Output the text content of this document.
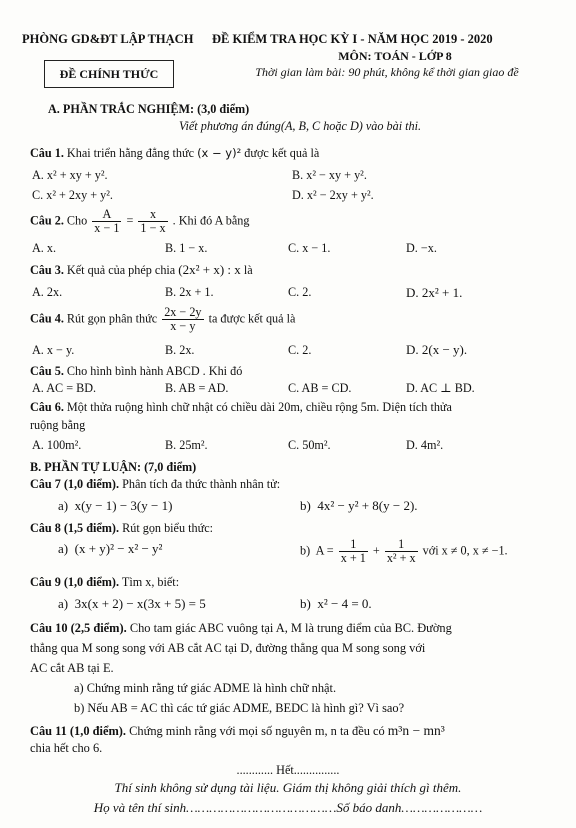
PHÒNG GD&ĐT LẬP THẠCH ĐỀ KIỂM TRA HỌC KỲ I - NĂM HỌC 2019 - 2020
MÔN: TOÁN - LỚP 8
Thời gian làm bài: 90 phút, không kể thời gian giao đề
ĐỀ CHÍNH THỨC
A. PHẦN TRẮC NGHIỆM: (3,0 điểm)
Viết phương án đúng(A, B, C hoặc D) vào bài thi.
Câu 1. Khai triển hằng đẳng thức (x − y)² được kết quả là
A. x² + xy + y².	B. x² − xy + y².
C. x² + 2xy + y².	D. x² − 2xy + y².
Câu 2. Cho $\frac{A}{x - 1} = \frac{x}{1 - x}$ . Khi đó A bằng
A. x.	B. 1 − x.	C. x − 1.	D. −x.
Câu 3. Kết quả của phép chia (2x² + x) : x là
A. 2x.	B. 2x + 1.	C. 2.	D. 2x² + 1.
Câu 4. Rút gọn phân thức $\frac{2x - 2y}{x - y}$ ta được kết quả là
A. x − y.	B. 2x.	C. 2.	D. 2(x − y).
Câu 5. Cho hình bình hành ABCD . Khi đó
A. AC = BD.	B. AB = AD.	C. AB = CD.	D. AC ⊥ BD.
Câu 6. Một thửa ruộng hình chữ nhật có chiều dài 20m, chiều rộng 5m. Diện tích thửa
ruộng bằng
A. 100m².	B. 25m².	C. 50m².	D. 4m².
B. PHẦN TỰ LUẬN: (7,0 điểm)
Câu 7 (1,0 điểm). Phân tích đa thức thành nhân tử:
a) x(y − 1) − 3(y − 1)	b) 4x² − y² + 8(y − 2).
Câu 8 (1,5 điểm). Rút gọn biểu thức:
a) (x + y)² − x² − y²	b) $A = \frac{1}{x + 1} + \frac{1}{\text{x² + x}}$ với x ≠ 0, x ≠ −1.
Câu 9 (1,0 điểm). Tìm x, biết:
a) 3x(x + 2) − x(3x + 5) = 5	b) x² − 4 = 0.
Câu 10 (2,5 điểm). Cho tam giác ABC vuông tại A, M là trung điểm của BC. Đường
thẳng qua M song song với AB cắt AC tại D, đường thẳng qua M song song với
AC cắt AB tại E.
a) Chứng minh rằng tứ giác ADME là hình chữ nhật.
b) Nếu AB = AC thì các tứ giác ADME, BEDC là hình gì? Vì sao?
Câu 11 (1,0 điểm). Chứng minh rằng với mọi số nguyên m, n ta đều có m³n − mn³
chia hết cho 6.
............ Hết...............
Thí sinh không sử dụng tài liệu. Giám thị không giải thích gì thêm.
Họ và tên thí sinh…………………………………Số báo danh…………………
